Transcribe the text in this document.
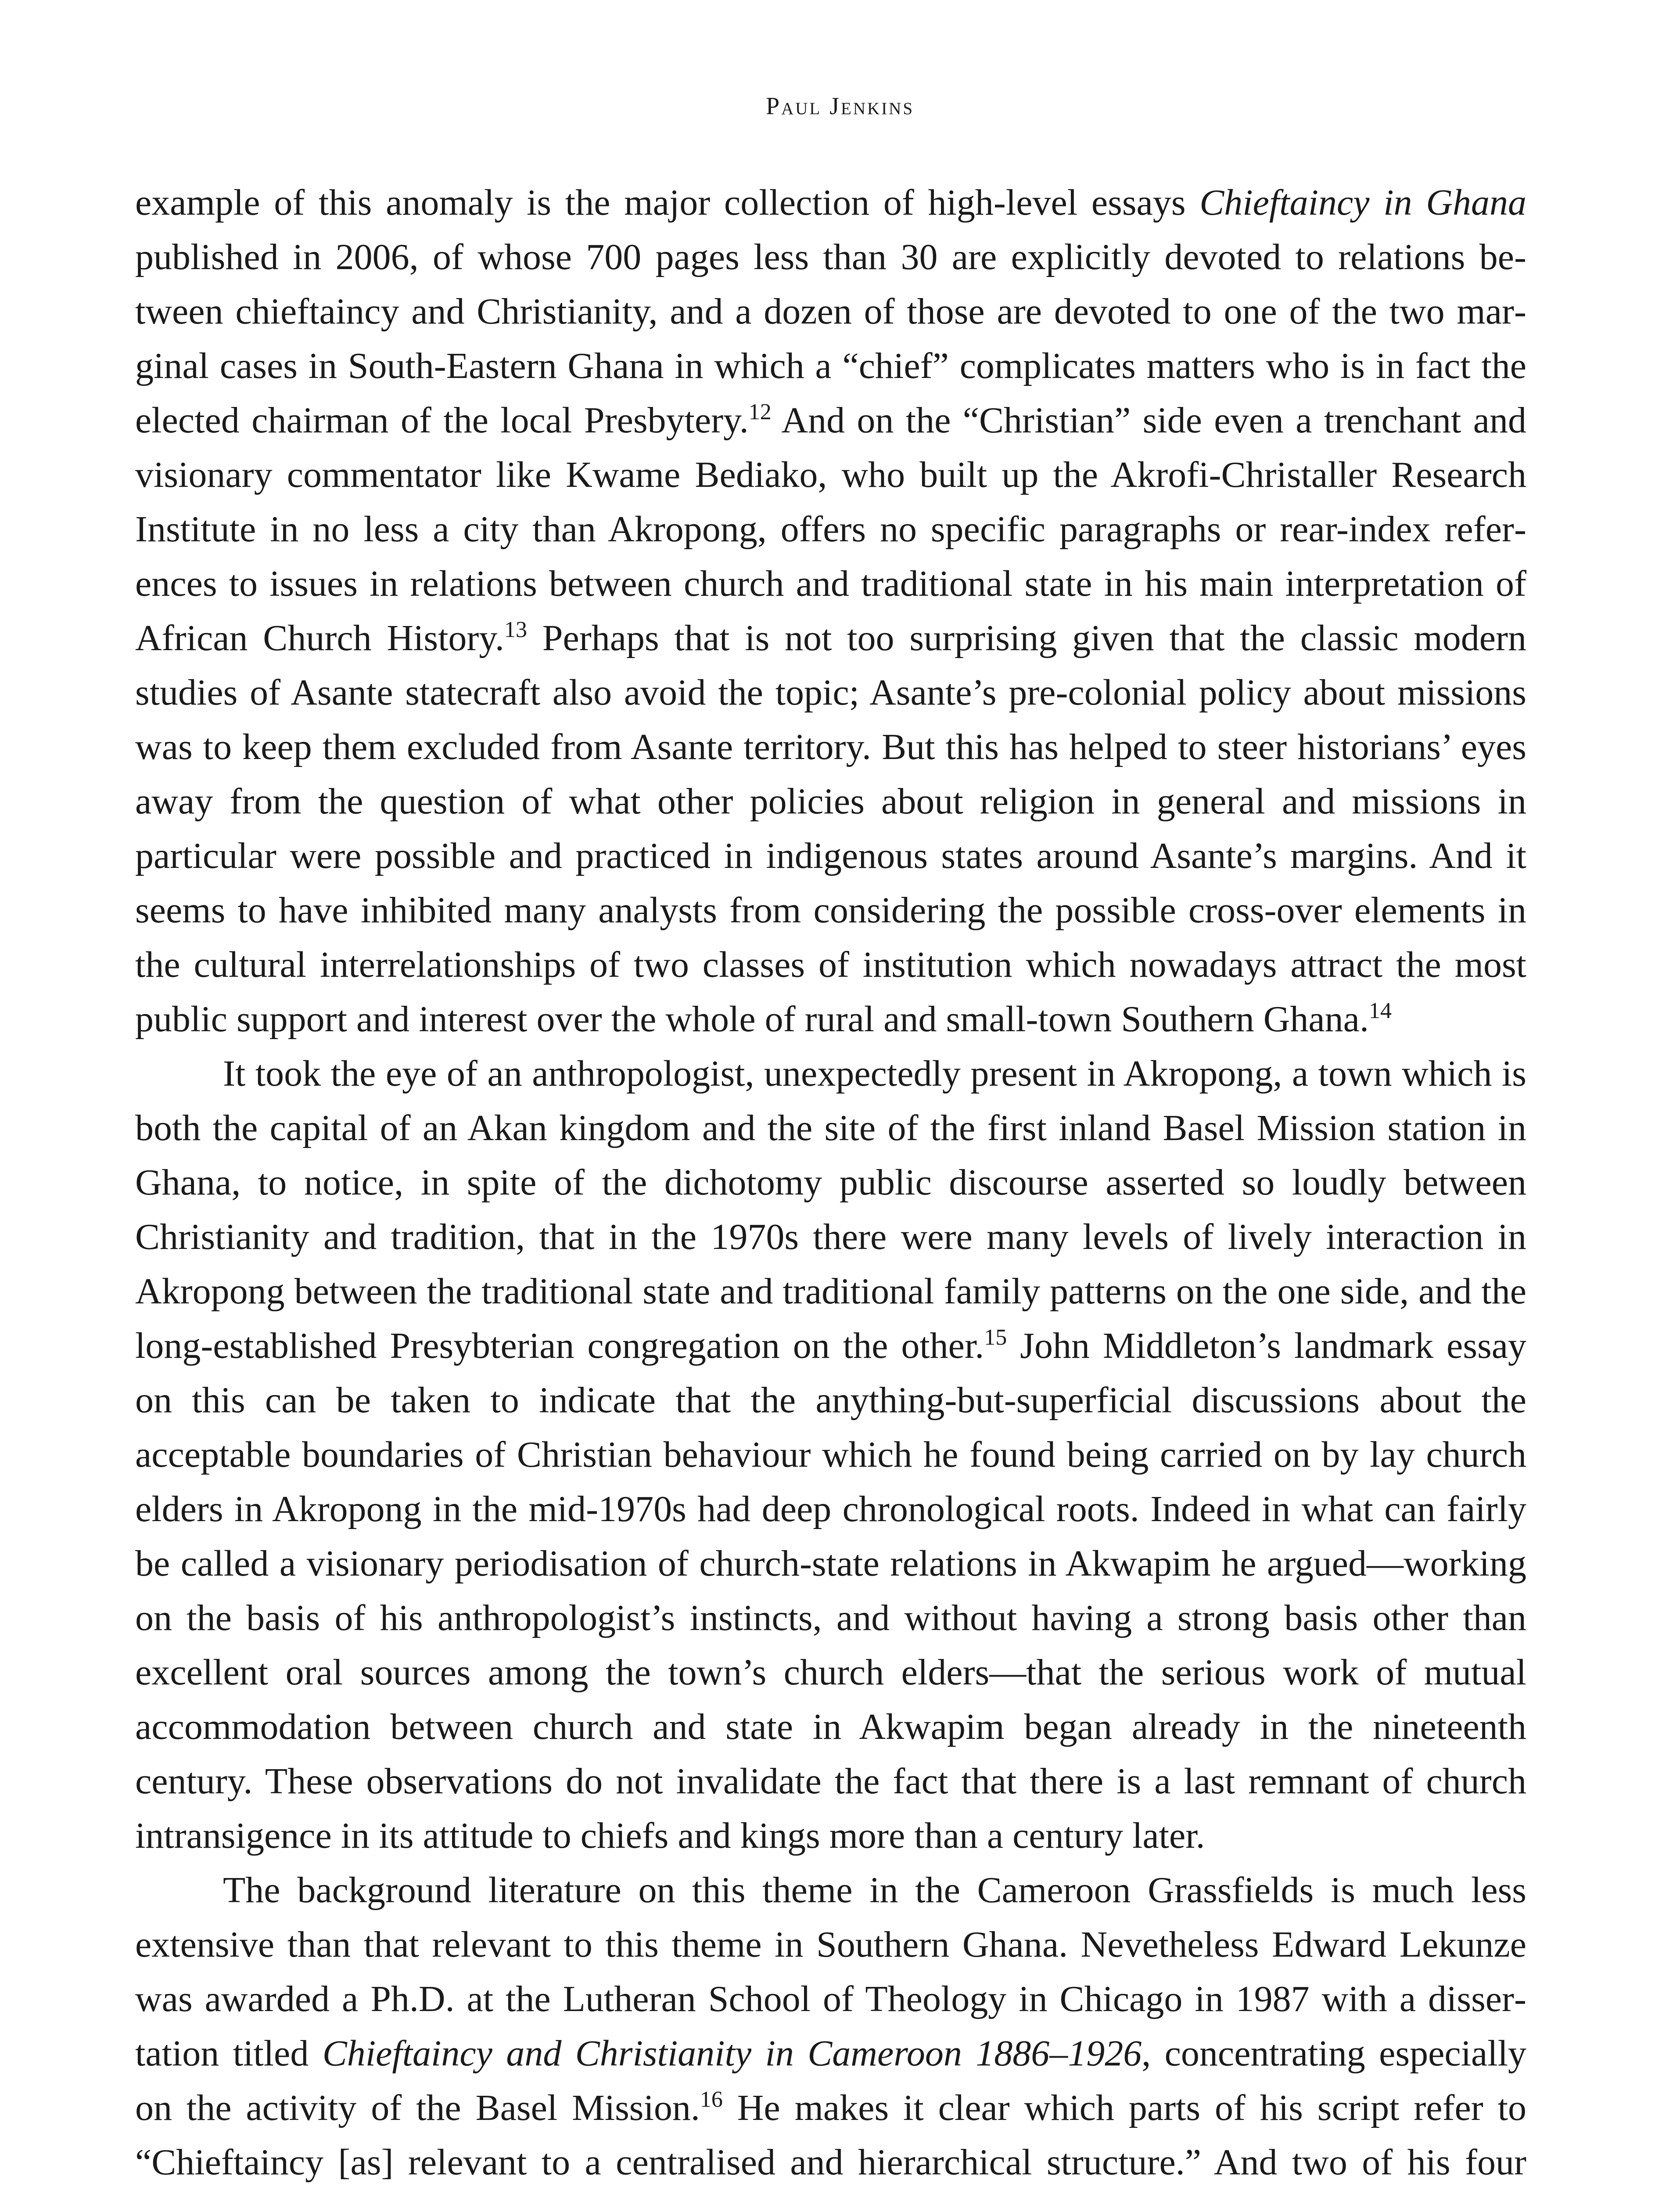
Paul Jenkins

example of this anomaly is the major collection of high-level essays Chieftaincy in Ghana published in 2006, of whose 700 pages less than 30 are explicitly devoted to relations between chieftaincy and Christianity, and a dozen of those are devoted to one of the two marginal cases in South-Eastern Ghana in which a “chief” complicates matters who is in fact the elected chairman of the local Presbytery.$^{12}$ And on the “Christian” side even a trenchant and visionary commentator like Kwame Bediako, who built up the Akrofi-Christaller Research Institute in no less a city than Akropong, offers no specific paragraphs or rear-index references to issues in relations between church and traditional state in his main interpretation of African Church History.$^{13}$ Perhaps that is not too surprising given that the classic modern studies of Asante statecraft also avoid the topic; Asante’s pre-colonial policy about missions was to keep them excluded from Asante territory. But this has helped to steer historians’ eyes away from the question of what other policies about religion in general and missions in particular were possible and practiced in indigenous states around Asante’s margins. And it seems to have inhibited many analysts from considering the possible cross-over elements in the cultural interrelationships of two classes of institution which nowadays attract the most public support and interest over the whole of rural and small-town Southern Ghana.$^{14}$

It took the eye of an anthropologist, unexpectedly present in Akropong, a town which is both the capital of an Akan kingdom and the site of the first inland Basel Mission station in Ghana, to notice, in spite of the dichotomy public discourse asserted so loudly between Christianity and tradition, that in the 1970s there were many levels of lively interaction in Akropong between the traditional state and traditional family patterns on the one side, and the long-established Presybterian congregation on the other.$^{15}$ John Middleton’s landmark essay on this can be taken to indicate that the anything-but-superficial discussions about the acceptable boundaries of Christian behaviour which he found being carried on by lay church elders in Akropong in the mid-1970s had deep chronological roots. Indeed in what can fairly be called a visionary periodisation of church-state relations in Akwapim he argued—working on the basis of his anthropologist’s instincts, and without having a strong basis other than excellent oral sources among the town’s church elders—that the serious work of mutual accommodation between church and state in Akwapim began already in the nineteenth century. These observations do not invalidate the fact that there is a last remnant of church intransigence in its attitude to chiefs and kings more than a century later.

The background literature on this theme in the Cameroon Grassfields is much less extensive than that relevant to this theme in Southern Ghana. Nevetheless Edward Lekunze was awarded a Ph.D. at the Lutheran School of Theology in Chicago in 1987 with a dissertation titled Chieftaincy and Christianity in Cameroon 1886–1926, concentrating especially on the activity of the Basel Mission.$^{16}$ He makes it clear which parts of his script refer to “Chieftaincy [as] relevant to a centralised and hierarchical structure.” And two of his four
